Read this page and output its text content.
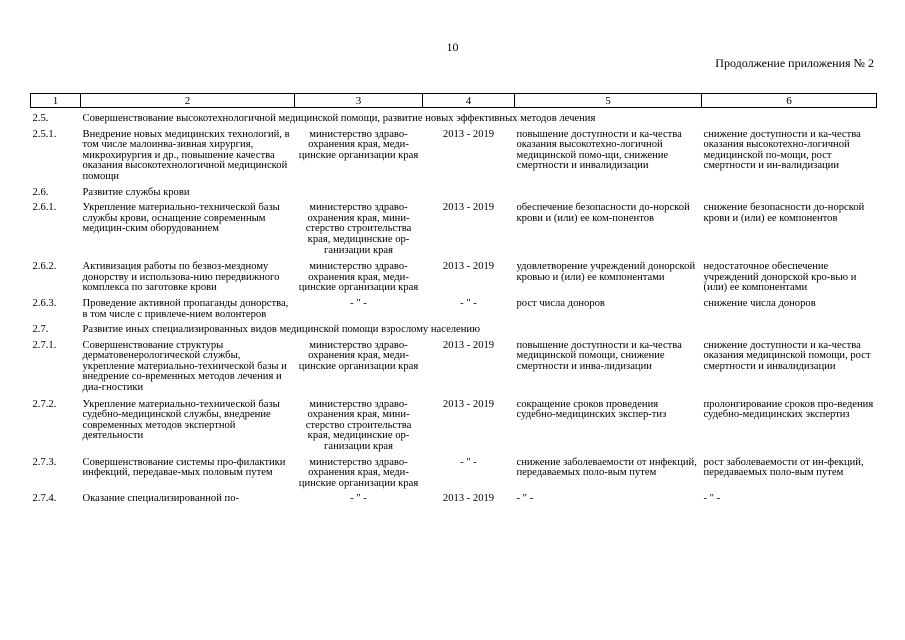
10
Продолжение приложения № 2
1	2	3	4	5	6

2.5.	Совершенствование высокотехнологичной медицинской помощи, развитие новых эффективных методов лечения				

2.5.1.	Внедрение новых медицинских технологий, в том числе малоинва-зивная хирургия, микрохирургия и др., повышение качества оказания высокотехнологичной медицинской помощи	министерство здраво-охранения края, меди-цинские организации края	2013 - 2019	повышение доступности и ка-чества оказания высокотехно-логичной медицинской помо-щи, снижение смертности и инвалидизации	снижение доступности и ка-чества оказания высокотехно-логичной медицинской по-мощи, рост смертности и ин-валидизации

2.6.	Развитие службы крови				

2.6.1.	Укрепление материально-технической базы службы крови, оснащение современным медицин-ским оборудованием	министерство здраво-охранения края, мини-стерство строительства края, медицинские ор-ганизации края	2013 - 2019	обеспечение безопасности до-норской крови и (или) ее ком-понентов	снижение безопасности до-норской крови и (или) ее компонентов

2.6.2.	Активизация работы по безвоз-мездному донорству и использова-нию передвижного комплекса по заготовке крови	министерство здраво-охранения края, меди-цинские организации края	2013 - 2019	удовлетворение учреждений донорской кровью и (или) ее компонентами	недостаточное обеспечение учреждений донорской кро-вью и (или) ее компонентами

2.6.3.	Проведение активной пропаганды донорства, в том числе с привлече-нием волонтеров	- " -	- " -	рост числа доноров	снижение числа доноров

2.7.	Развитие иных специализированных видов медицинской помощи взрослому населению				

2.7.1.	Совершенствование структуры дерматовенерологической службы, укрепление материально-технической базы и внедрение со-временных методов лечения и диа-гностики	министерство здраво-охранения края, меди-цинские организации края	2013 - 2019	повышение доступности и ка-чества медицинской помощи, снижение смертности и инва-лидизации	снижение доступности и ка-чества оказания медицинской помощи, рост смертности и инвалидизации

2.7.2.	Укрепление материально-технической базы судебно-медицинской службы, внедрение современных методов экспертной деятельности	министерство здраво-охранения края, мини-стерство строительства края, медицинские ор-ганизации края	2013 - 2019	сокращение сроков проведения судебно-медицинских экспер-тиз	пролонгирование сроков про-ведения судебно-медицинских экспертиз

2.7.3.	Совершенствование системы про-филактики инфекций, передавае-мых половым путем	министерство здраво-охранения края, меди-цинские организации края	- " -	снижение заболеваемости от инфекций, передаваемых поло-вым путем	рост заболеваемости от ин-фекций, передаваемых поло-вым путем

2.7.4.	Оказание специализированной по-	- " -	2013 - 2019	- " -	- " -
